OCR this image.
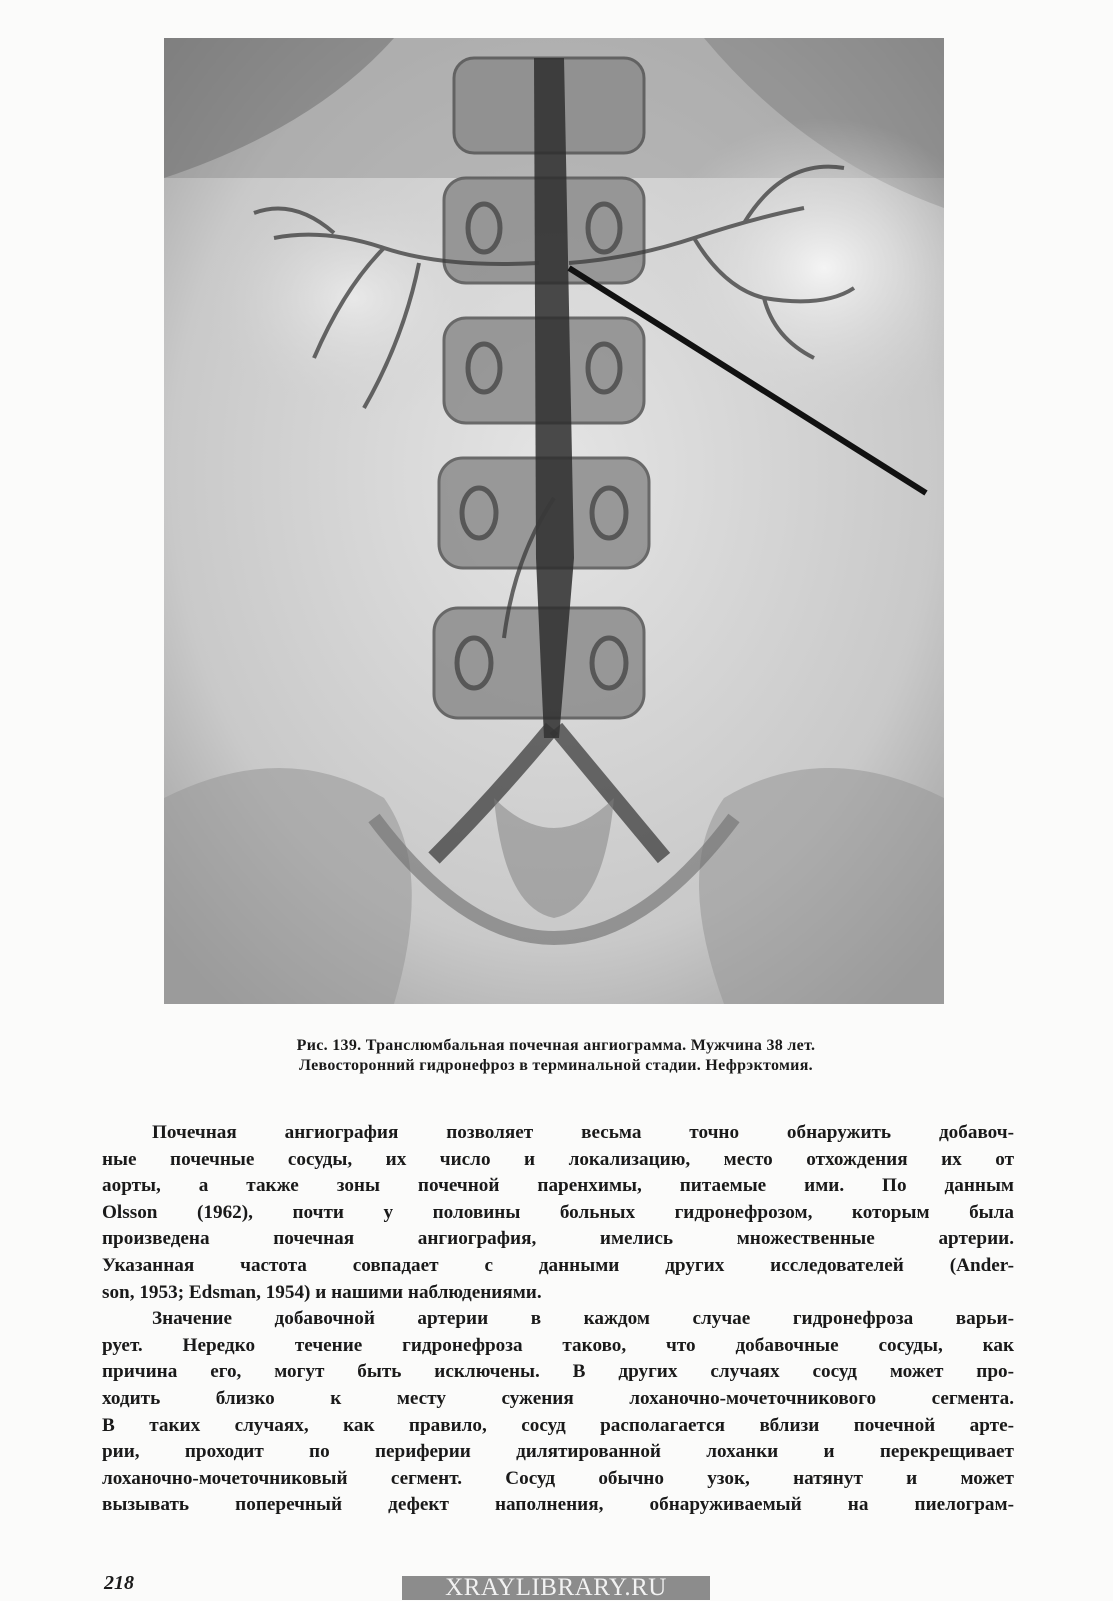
Рис. 139. Транслюмбальная почечная ангиограмма. Мужчина 38 лет.
Левосторонний гидронефроз в терминальной стадии. Нефрэктомия.

Почечная ангиография позволяет весьма точно обнаружить добавоч-
ные почечные сосуды, их число и локализацию, место отхождения их от
аорты, а также зоны почечной паренхимы, питаемые ими. По данным
Olsson (1962), почти у половины больных гидронефрозом, которым была
произведена почечная ангиография, имелись множественные артерии.
Указанная частота совпадает с данными других исследователей (Ander-
son, 1953; Edsman, 1954) и нашими наблюдениями.

Значение добавочной артерии в каждом случае гидронефроза варьи-
рует. Нередко течение гидронефроза таково, что добавочные сосуды, как
причина его, могут быть исключены. В других случаях сосуд может про-
ходить близко к месту сужения лоханочно-мочеточникового сегмента.
В таких случаях, как правило, сосуд располагается вблизи почечной арте-
рии, проходит по периферии дилятированной лоханки и перекрещивает
лоханочно-мочеточниковый сегмент. Сосуд обычно узок, натянут и может
вызывать поперечный дефект наполнения, обнаруживаемый на пиелограм-

218	XRAYLIBRARY.RU
